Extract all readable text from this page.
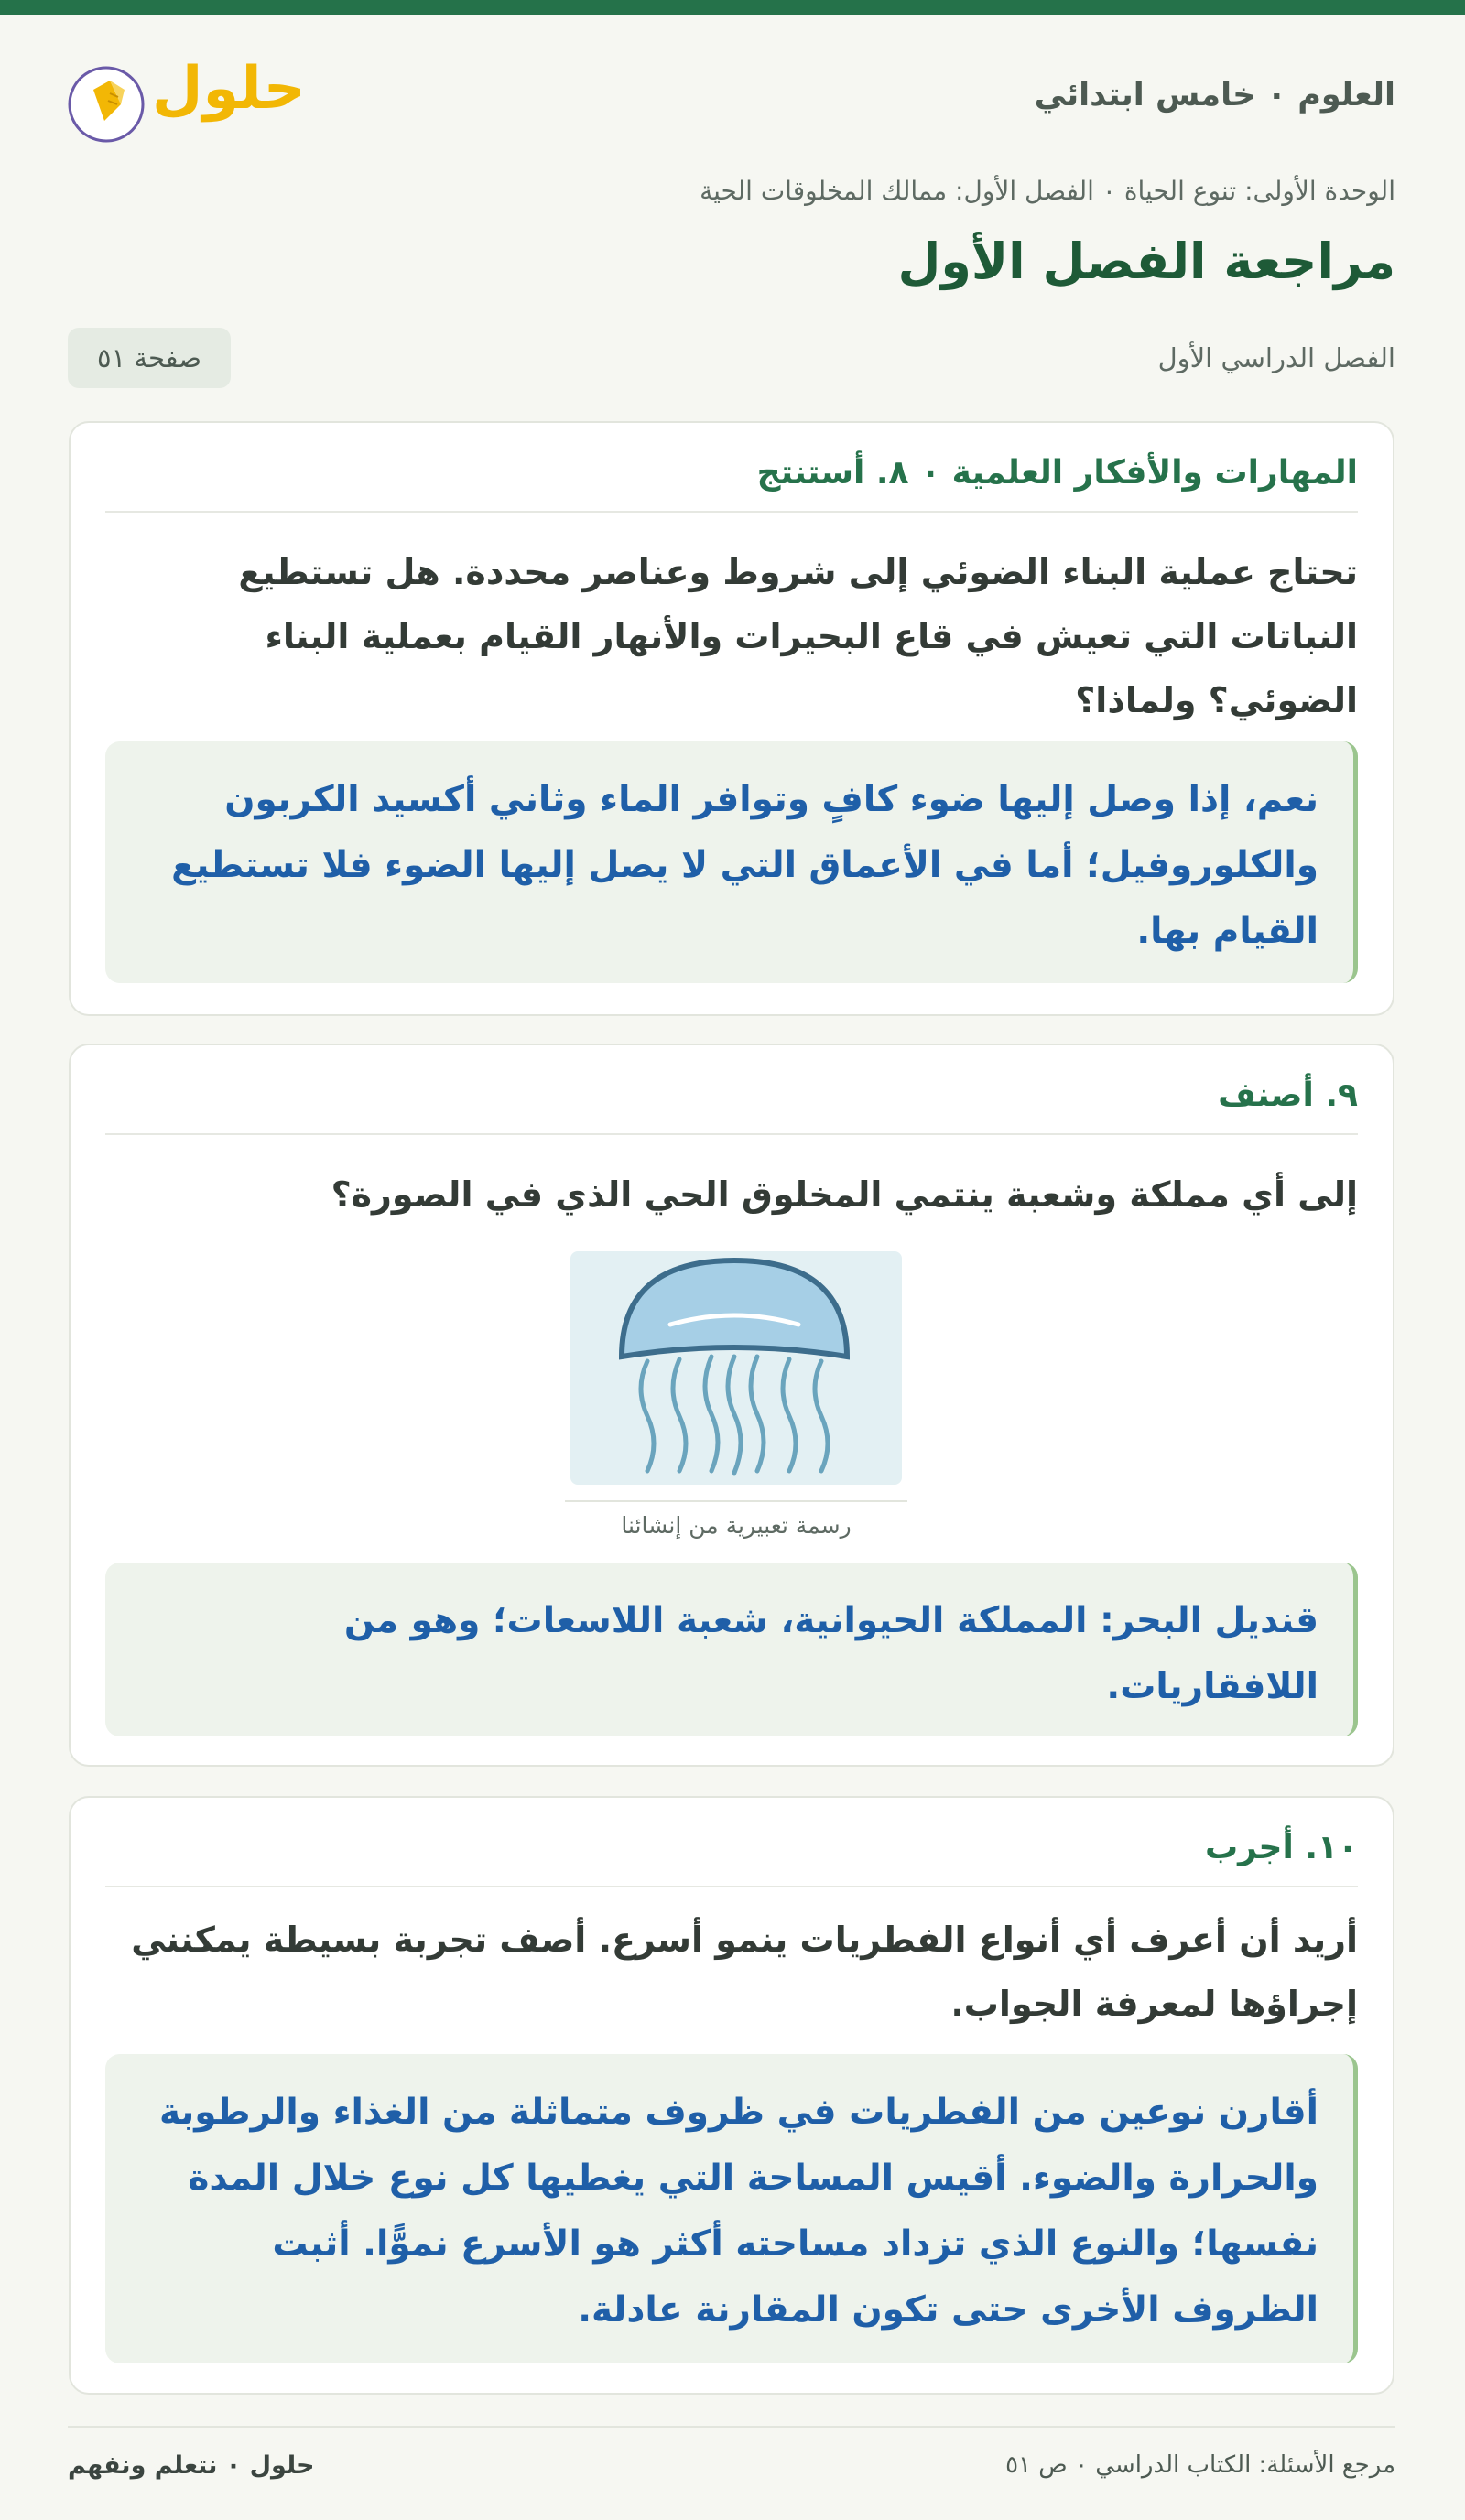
العلوم ٠ خامس ابتدائي
حلول
الوحدة الأولى: تنوع الحياة ٠ الفصل الأول: ممالك المخلوقات الحية
مراجعة الفصل الأول
الفصل الدراسي الأول
صفحة ٥١
المهارات والأفكار العلمية ٠ ٨. أستنتج
تحتاج عملية البناء الضوئي إلى شروط وعناصر محددة. هل تستطيع النباتات التي تعيش في قاع البحيرات والأنهار القيام بعملية البناء الضوئي؟ ولماذا؟
نعم، إذا وصل إليها ضوء كافٍ وتوافر الماء وثاني أكسيد الكربون والكلوروفيل؛ أما في الأعماق التي لا يصل إليها الضوء فلا تستطيع القيام بها.
٩. أصنف
إلى أي مملكة وشعبة ينتمي المخلوق الحي الذي في الصورة؟
رسمة تعبيرية من إنشائنا
قنديل البحر: المملكة الحيوانية، شعبة اللاسعات؛ وهو من اللافقاريات.
١٠. أجرب
أريد أن أعرف أي أنواع الفطريات ينمو أسرع. أصف تجربة بسيطة يمكنني إجراؤها لمعرفة الجواب.
أقارن نوعين من الفطريات في ظروف متماثلة من الغذاء والرطوبة والحرارة والضوء. أقيس المساحة التي يغطيها كل نوع خلال المدة نفسها؛ والنوع الذي تزداد مساحته أكثر هو الأسرع نموًّا. أثبت الظروف الأخرى حتى تكون المقارنة عادلة.
مرجع الأسئلة: الكتاب الدراسي ٠ ص ٥١
حلول ٠ نتعلم ونفهم
